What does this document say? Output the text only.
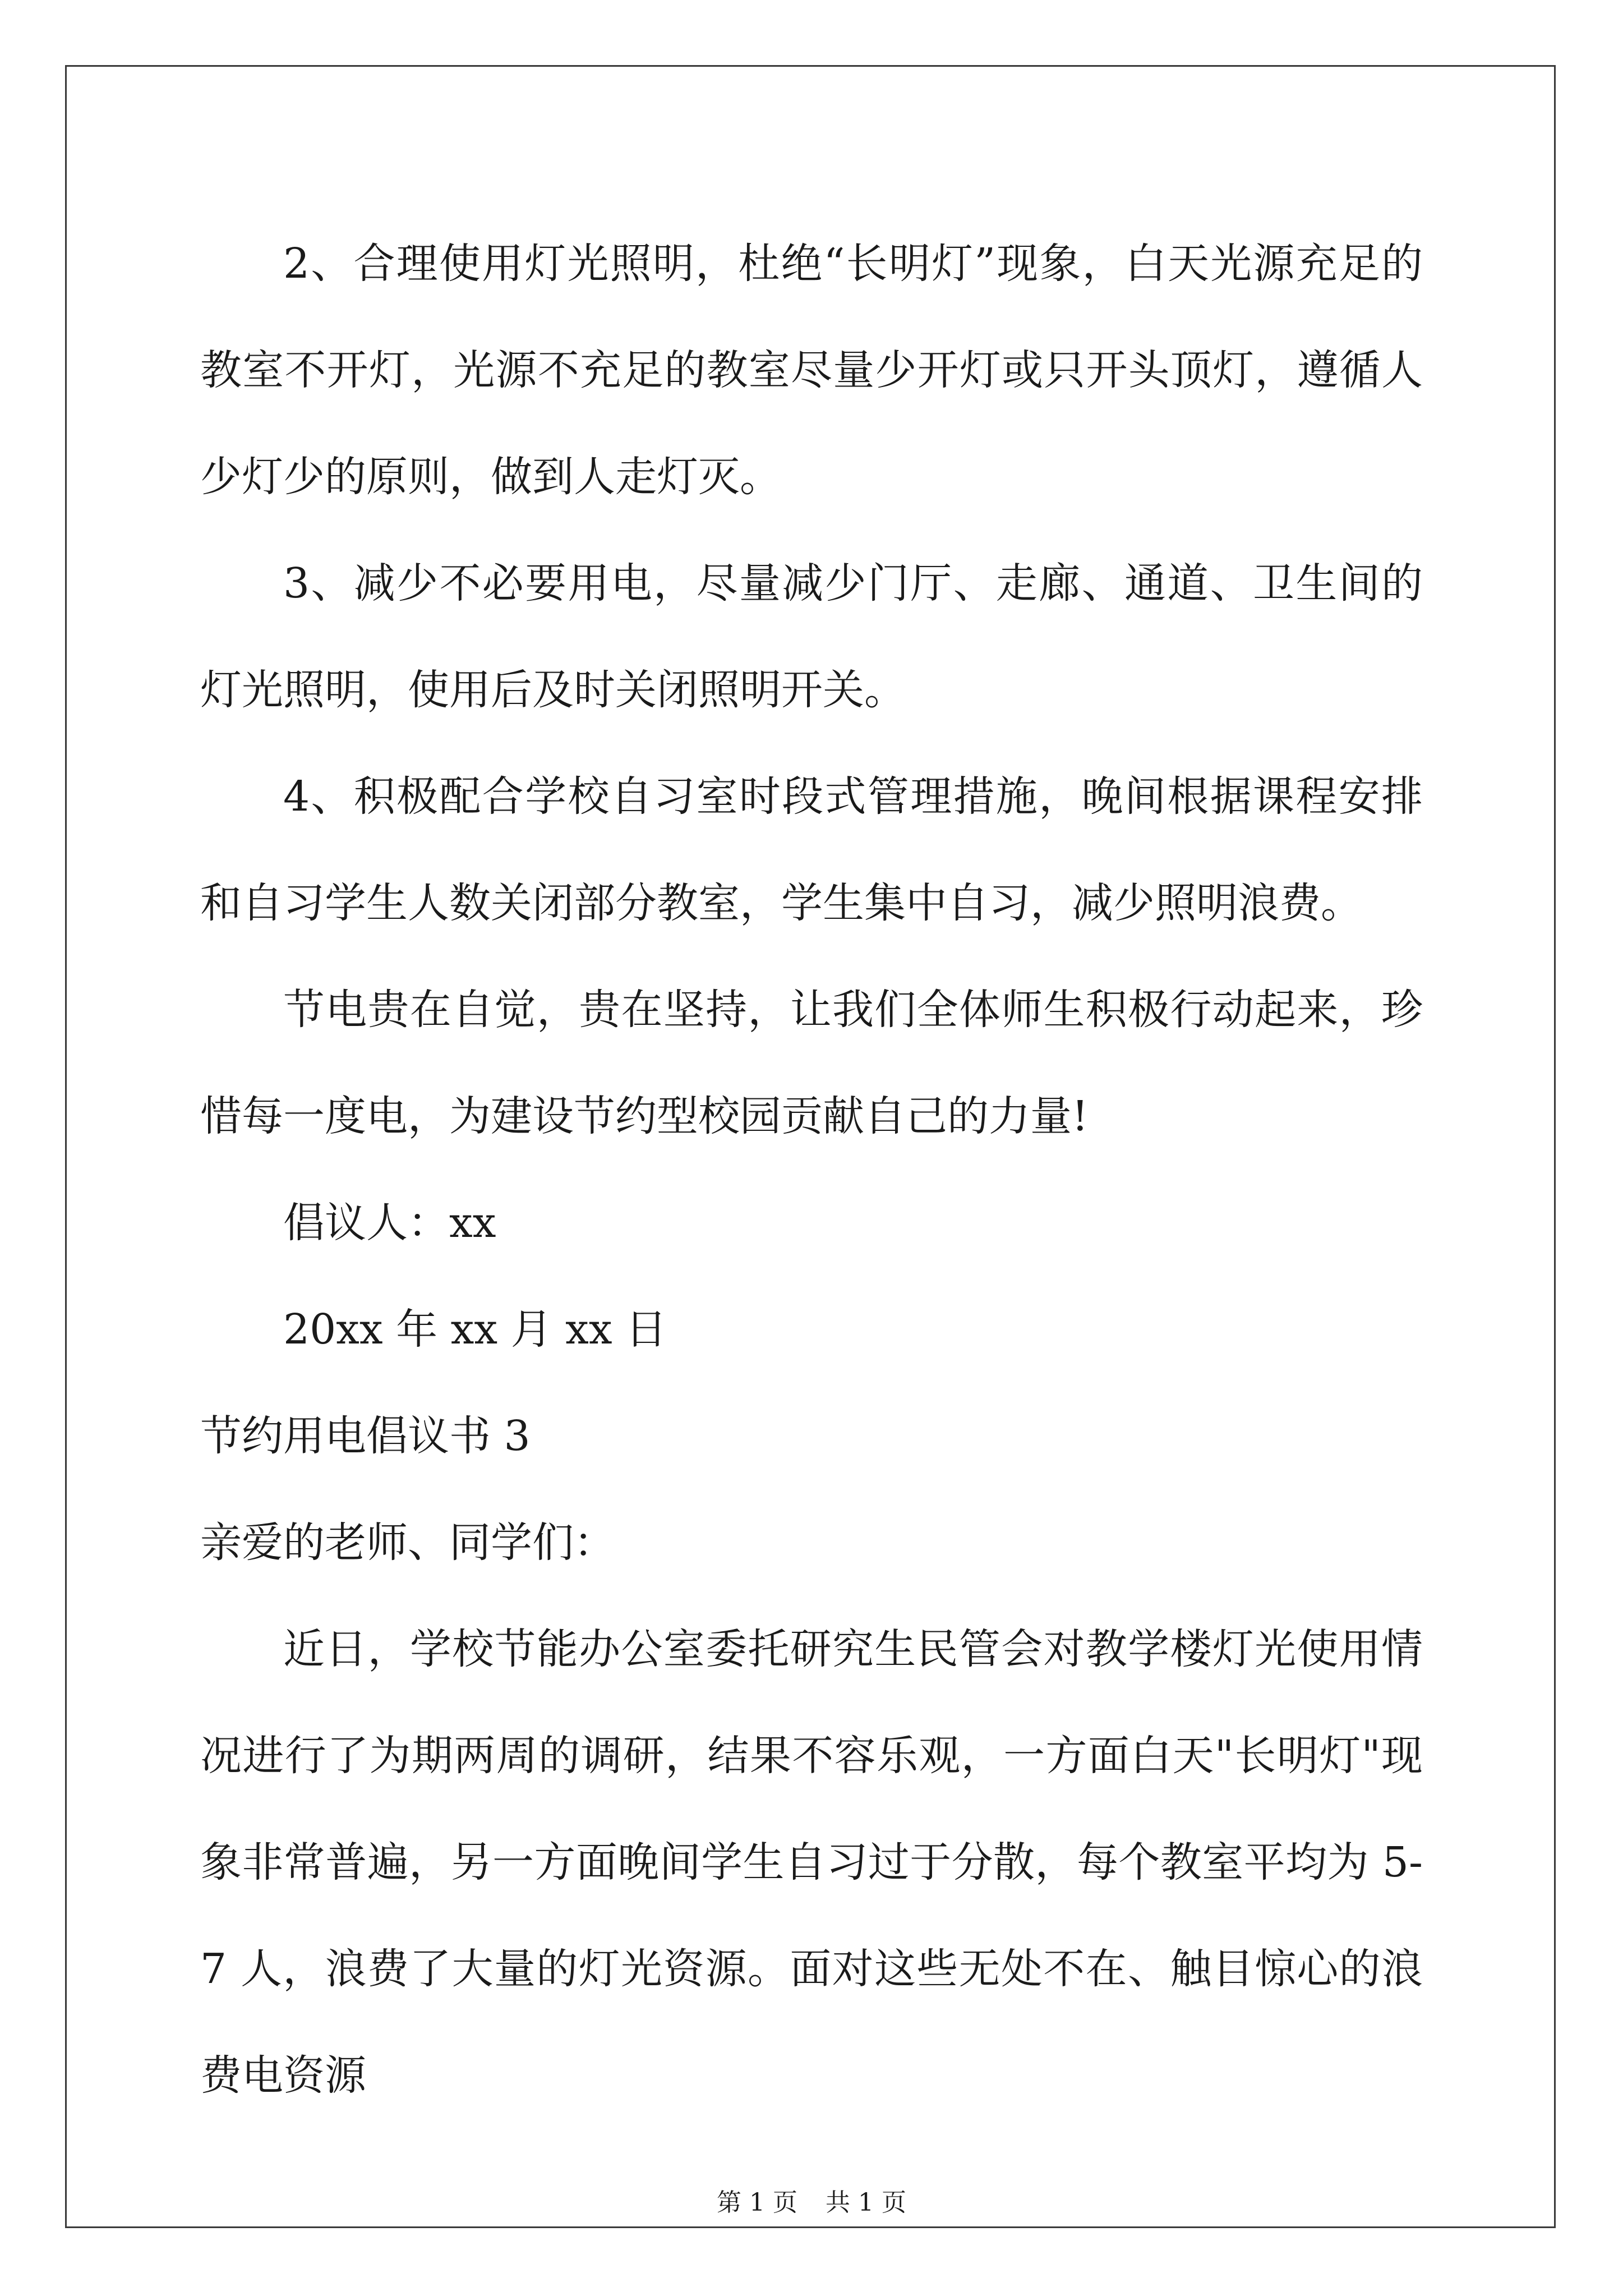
2、合理使用灯光照明，杜绝“长明灯”现象，白天光源充足的教室不开灯，光源不充足的教室尽量少开灯或只开头顶灯，遵循人少灯少的原则，做到人走灯灭。

3、减少不必要用电，尽量减少门厅、走廊、通道、卫生间的灯光照明，使用后及时关闭照明开关。

4、积极配合学校自习室时段式管理措施，晚间根据课程安排和自习学生人数关闭部分教室，学生集中自习，减少照明浪费。

节电贵在自觉，贵在坚持，让我们全体师生积极行动起来，珍惜每一度电，为建设节约型校园贡献自己的力量!

倡议人：xx

20xx 年 xx 月 xx 日

节约用电倡议书 3

亲爱的老师、同学们：

近日，学校节能办公室委托研究生民管会对教学楼灯光使用情况进行了为期两周的调研，结果不容乐观，一方面白天"长明灯"现象非常普遍，另一方面晚间学生自习过于分散，每个教室平均为 5-7 人，浪费了大量的灯光资源。面对这些无处不在、触目惊心的浪费电资源

第 1 页 共 1 页
